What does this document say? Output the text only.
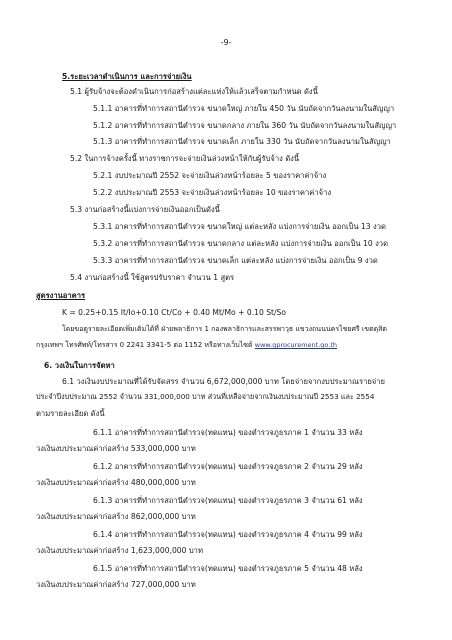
-9-
5.ระยะเวลาดำเนินการ และการจ่ายเงิน
5.1 ผู้รับจ้างจะต้องดำเนินการก่อสร้างแต่ละแห่งให้แล้วเสร็จตามกำหนด ดังนี้
5.1.1 อาคารที่ทำการสถานีตำรวจ ขนาดใหญ่ ภายใน 450 วัน นับถัดจากวันลงนามในสัญญา
5.1.2 อาคารที่ทำการสถานีตำรวจ ขนาดกลาง ภายใน 360 วัน นับถัดจากวันลงนามในสัญญา
5.1.3 อาคารที่ทำการสถานีตำรวจ ขนาดเล็ก ภายใน 330 วัน นับถัดจากวันลงนามในสัญญา
5.2 ในการจ้างครั้งนี้ ทางราชการจะจ่ายเงินล่วงหน้าให้กับผู้รับจ้าง ดังนี้
5.2.1 งบประมาณปี 2552 จะจ่ายเงินล่วงหน้าร้อยละ 5 ของราคาค่าจ้าง
5.2.2 งบประมาณปี 2553 จะจ่ายเงินล่วงหน้าร้อยละ 10 ของราคาค่าจ้าง
5.3 งานก่อสร้างนี้แบ่งการจ่ายเงินออกเป็นดังนี้
5.3.1 อาคารที่ทำการสถานีตำรวจ ขนาดใหญ่ แต่ละหลัง แบ่งการจ่ายเงิน ออกเป็น 13 งวด
5.3.2 อาคารที่ทำการสถานีตำรวจ ขนาดกลาง แต่ละหลัง แบ่งการจ่ายเงิน ออกเป็น 10 งวด
5.3.3 อาคารที่ทำการสถานีตำรวจ ขนาดเล็ก แต่ละหลัง แบ่งการจ่ายเงิน ออกเป็น 9 งวด
5.4 งานก่อสร้างนี้ ใช้สูตรปรับราคา จำนวน 1 สูตร
สูตรงานอาคาร
K = 0.25+0.15 It/Io+0.10 Ct/Co + 0.40 Mt/Mo + 0.10 St/So
โดยขอดูรายละเอียดเพิ่มเติมได้ที่ ฝ่ายพลาธิการ 1 กองพลาธิการและสรรพาวุธ แขวงถนนนครไชยศรี เขตดุสิต
กรุงเทพฯ โทรศัพท์/โทรสาร 0 2241 3341-5 ต่อ 1152 หรือทางเว็บไซต์ www.gprocurement.go.th
6. วงเงินในการจัดหา
6.1 วงเงินงบประมาณที่ได้รับจัดสรร จำนวน 6,672,000,000 บาท โดยจ่ายจากงบประมาณรายจ่าย
ประจำปีงบประมาณ 2552 จำนวน 331,000,000 บาท ส่วนที่เหลือจ่ายจากเงินงบประมาณปี 2553 และ 2554
ตามรายละเอียด ดังนี้
6.1.1 อาคารที่ทำการสถานีตำรวจ(ทดแทน) ของตำรวจภูธรภาค 1 จำนวน 33 หลัง
วงเงินงบประมาณค่าก่อสร้าง 533,000,000 บาท
6.1.2 อาคารที่ทำการสถานีตำรวจ(ทดแทน) ของตำรวจภูธรภาค 2 จำนวน 29 หลัง
วงเงินงบประมาณค่าก่อสร้าง 480,000,000 บาท
6.1.3 อาคารที่ทำการสถานีตำรวจ(ทดแทน) ของตำรวจภูธรภาค 3 จำนวน 61 หลัง
วงเงินงบประมาณค่าก่อสร้าง 862,000,000 บาท
6.1.4 อาคารที่ทำการสถานีตำรวจ(ทดแทน) ของตำรวจภูธรภาค 4 จำนวน 99 หลัง
วงเงินงบประมาณค่าก่อสร้าง 1,623,000,000 บาท
6.1.5 อาคารที่ทำการสถานีตำรวจ(ทดแทน) ของตำรวจภูธรภาค 5 จำนวน 48 หลัง
วงเงินงบประมาณค่าก่อสร้าง 727,000,000 บาท
